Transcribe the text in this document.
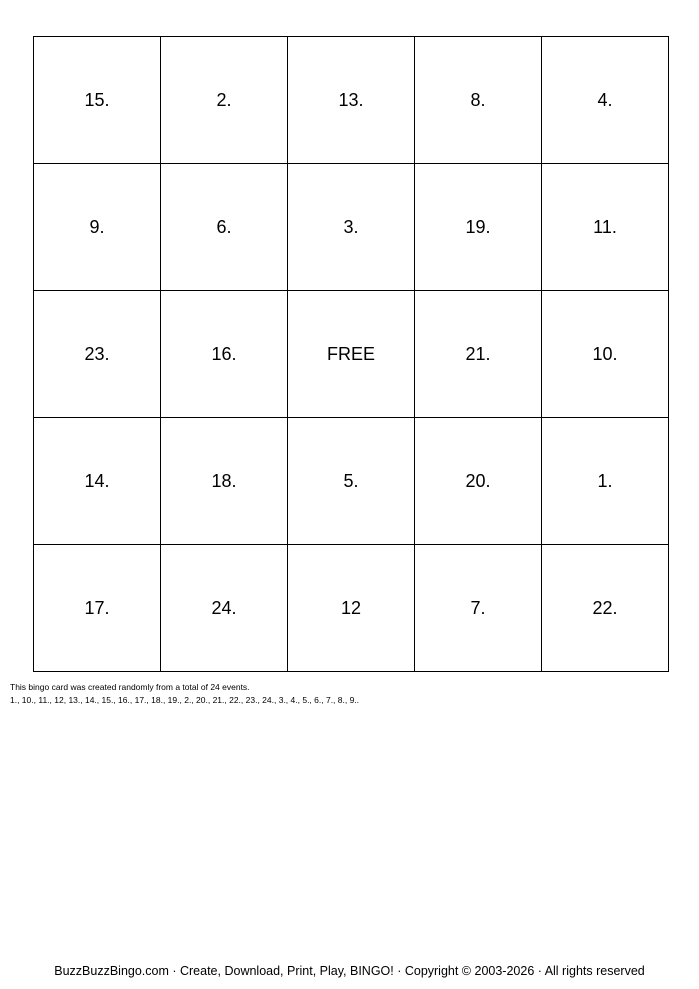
15.	2.	13.	8.	4.
9.	6.	3.	19.	11.
23.	16.	FREE	21.	10.
14.	18.	5.	20.	1.
17.	24.	12	7.	22.
This bingo card was created randomly from a total of 24 events.
1., 10., 11., 12, 13., 14., 15., 16., 17., 18., 19., 2., 20., 21., 22., 23., 24., 3., 4., 5., 6., 7., 8., 9..
BuzzBuzzBingo.com · Create, Download, Print, Play, BINGO! · Copyright © 2003-2026 · All rights reserved
